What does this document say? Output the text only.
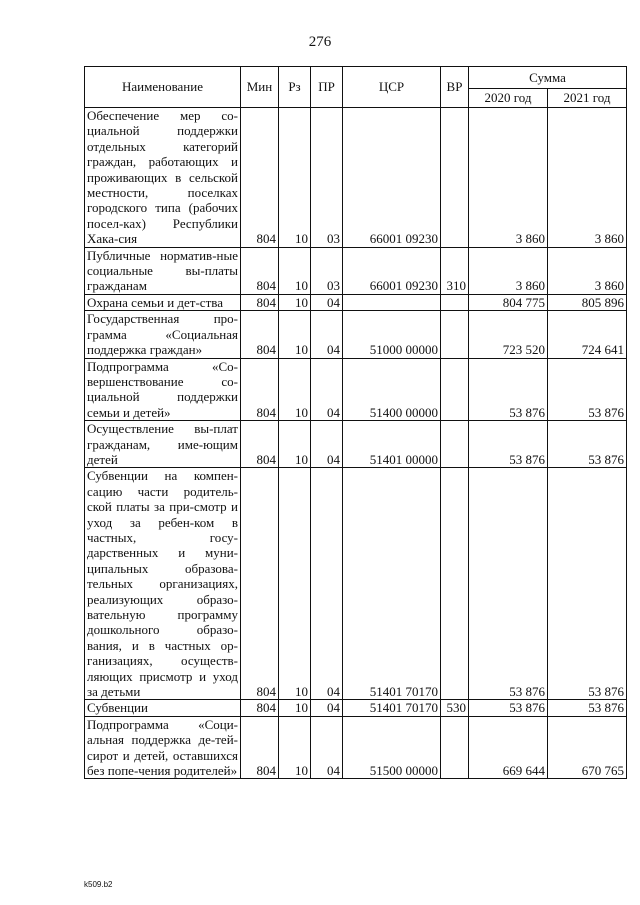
276
Наименование	Мин	Рз	ПР	ЦСР	ВР	Сумма	
						2020 год	2021 год
Обеспечение мер со-циальной поддержки отдельных категорий граждан, работающих и проживающих в сельской местности, поселках городского типа (рабочих посел-ках) Республики Хака-сия	804	10	03	66001 09230		3 860	3 860
Публичные норматив-ные социальные вы-платы гражданам	804	10	03	66001 09230	310	3 860	3 860
Охрана семьи и дет-ства	804	10	04			804 775	805 896
Государственная про-грамма «Социальная поддержка граждан»	804	10	04	51000 00000		723 520	724 641
Подпрограмма «Со-вершенствование со-циальной поддержки семьи и детей»	804	10	04	51400 00000		53 876	53 876
Осуществление вы-плат гражданам, име-ющим детей	804	10	04	51401 00000		53 876	53 876
Субвенции на компен-сацию части родитель-ской платы за при-смотр и уход за ребен-ком в частных, госу-дарственных и муни-ципальных образова-тельных организациях, реализующих образо-вательную программу дошкольного образо-вания, и в частных ор-ганизациях, осуществ-ляющих присмотр и уход за детьми	804	10	04	51401 70170		53 876	53 876
Субвенции	804	10	04	51401 70170	530	53 876	53 876
Подпрограмма «Соци-альная поддержка де-тей-сирот и детей, оставшихся без попе-чения родителей»	804	10	04	51500 00000		669 644	670 765
k509.b2
